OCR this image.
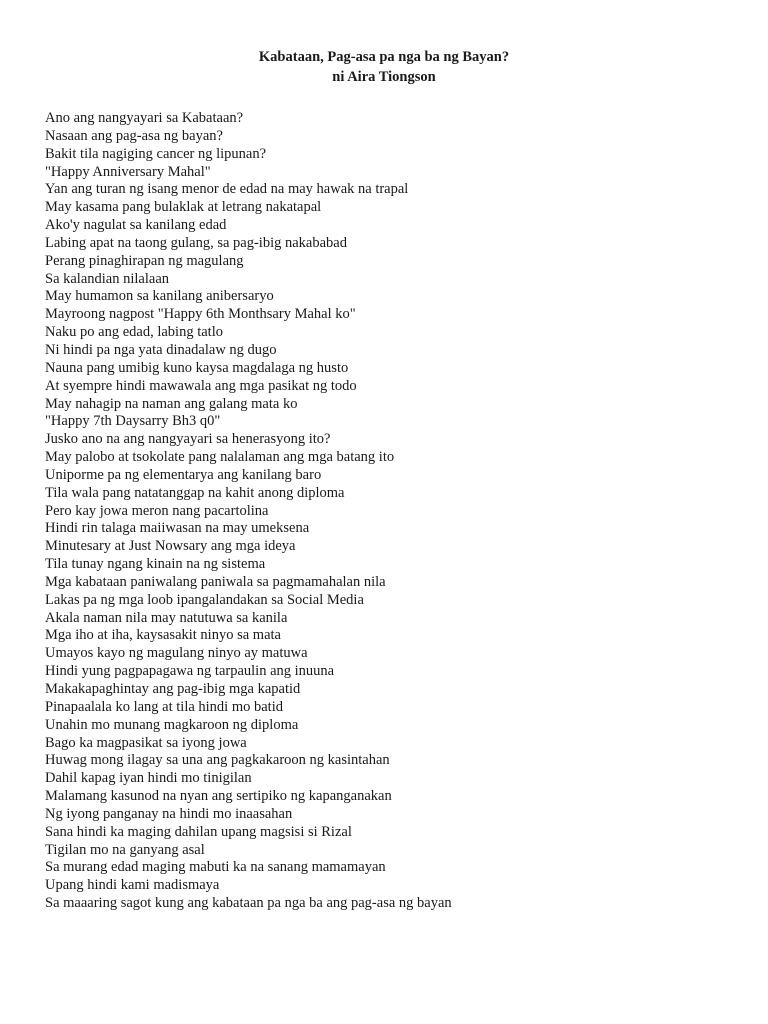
Kabataan, Pag-asa pa nga ba ng Bayan?
ni Aira Tiongson
Ano ang nangyayari sa Kabataan?
Nasaan ang pag-asa ng bayan?
Bakit tila nagiging cancer ng lipunan?
"Happy Anniversary Mahal"
Yan ang turan ng isang menor de edad na may hawak na trapal
May kasama pang bulaklak at letrang nakatapal
Ako'y nagulat sa kanilang edad
Labing apat na taong gulang, sa pag-ibig nakababad
Perang pinaghirapan ng magulang
Sa kalandian nilalaan
May humamon sa kanilang anibersaryo
Mayroong nagpost "Happy 6th Monthsary Mahal ko"
Naku po ang edad, labing tatlo
Ni hindi pa nga yata dinadalaw ng dugo
Nauna pang umibig kuno kaysa magdalaga ng husto
At syempre hindi mawawala ang mga pasikat ng todo
May nahagip na naman ang galang mata ko
"Happy 7th Daysarry Bh3 q0"
Jusko ano na ang nangyayari sa henerasyong ito?
May palobo at tsokolate pang nalalaman ang mga batang ito
Uniporme pa ng elementarya ang kanilang baro
Tila wala pang natatanggap na kahit anong diploma
Pero kay jowa meron nang pacartolina
Hindi rin talaga maiiwasan na may umeksena
Minutesary at Just Nowsary ang mga ideya
Tila tunay ngang kinain na ng sistema
Mga kabataan paniwalang paniwala sa pagmamahalan nila
Lakas pa ng mga loob ipangalandakan sa Social Media
Akala naman nila may natutuwa sa kanila
Mga iho at iha, kaysasakit ninyo sa mata
Umayos kayo ng magulang ninyo ay matuwa
Hindi yung pagpapagawa ng tarpaulin ang inuuna
Makakapaghintay ang pag-ibig mga kapatid
Pinapaalala ko lang at tila hindi mo batid
Unahin mo munang magkaroon ng diploma
Bago ka magpasikat sa iyong jowa
Huwag mong ilagay sa una ang pagkakaroon ng kasintahan
Dahil kapag iyan hindi mo tinigilan
Malamang kasunod na nyan ang sertipiko ng kapanganakan
Ng iyong panganay na hindi mo inaasahan
Sana hindi ka maging dahilan upang magsisi si Rizal
Tigilan mo na ganyang asal
Sa murang edad maging mabuti ka na sanang mamamayan
Upang hindi kami madismaya
Sa maaaring sagot kung ang kabataan pa nga ba ang pag-asa ng bayan
